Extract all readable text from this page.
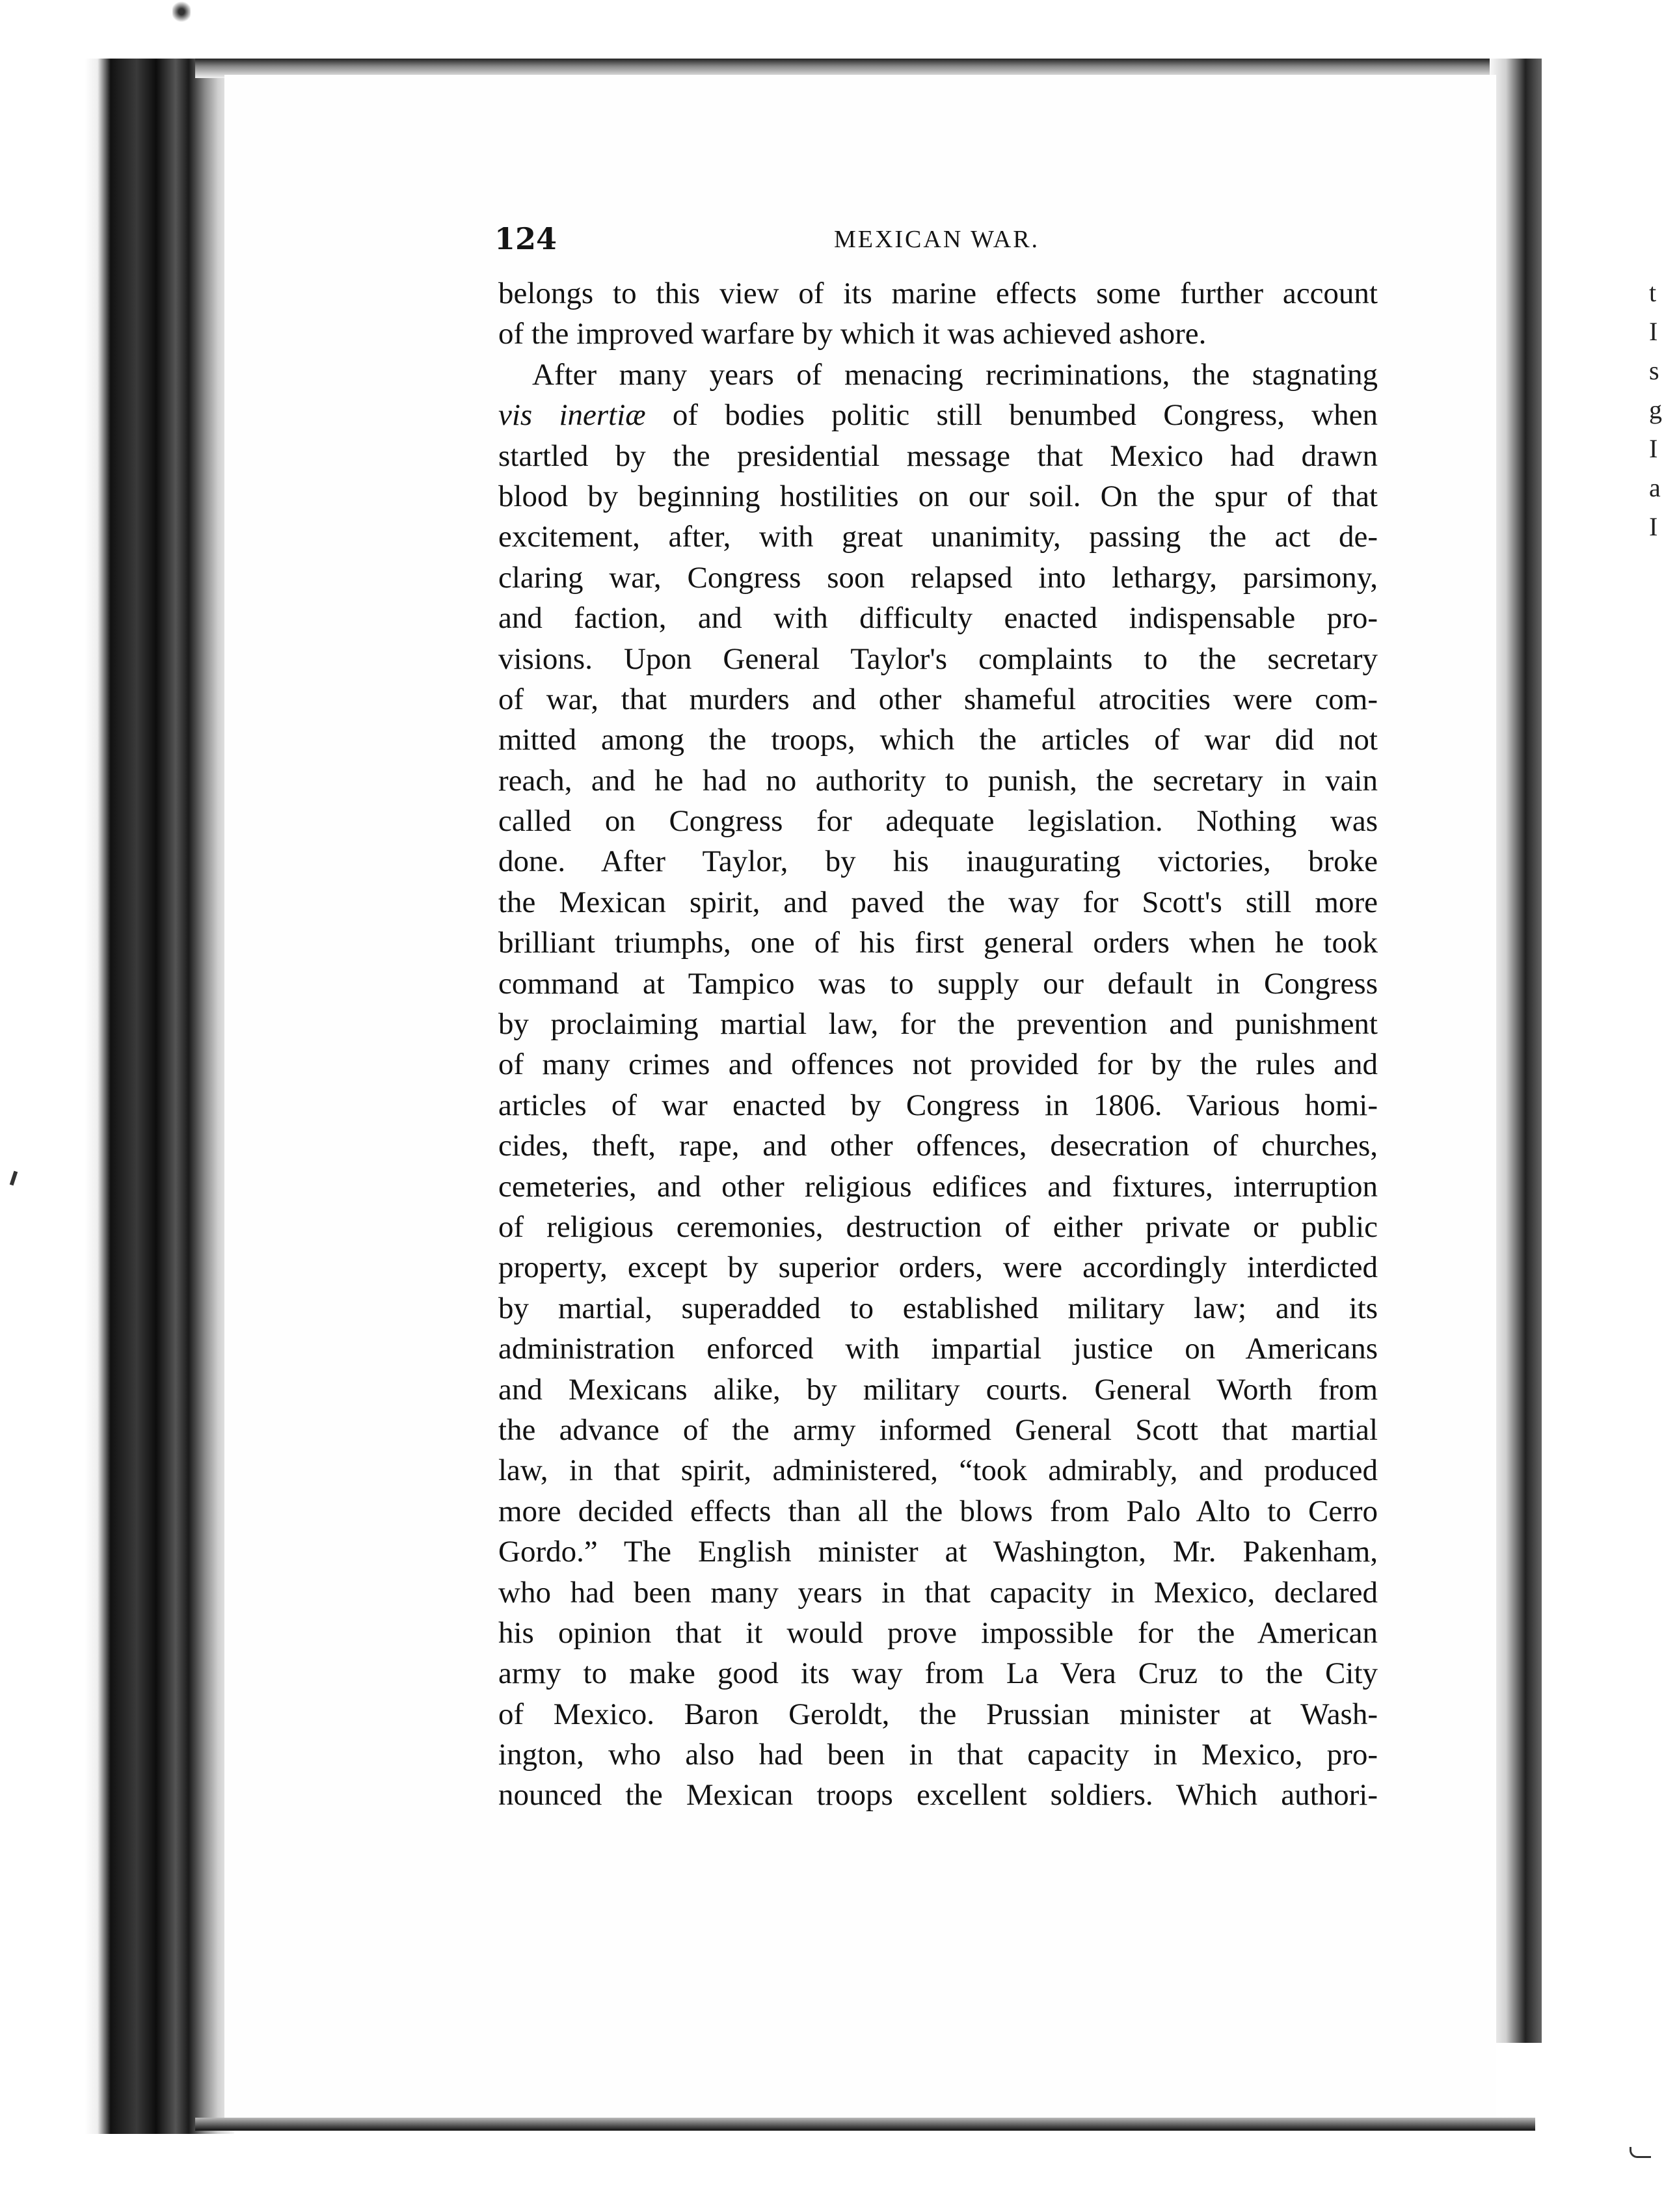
124	MEXICAN WAR.
belongs to this view of its marine effects some further account
of the improved warfare by which it was achieved ashore.
After many years of menacing recriminations, the stagnating
vis inertiæ of bodies politic still benumbed Congress, when
startled by the presidential message that Mexico had drawn
blood by beginning hostilities on our soil. On the spur of that
excitement, after, with great unanimity, passing the act de-
claring war, Congress soon relapsed into lethargy, parsimony,
and faction, and with difficulty enacted indispensable pro-
visions. Upon General Taylor's complaints to the secretary
of war, that murders and other shameful atrocities were com-
mitted among the troops, which the articles of war did not
reach, and he had no authority to punish, the secretary in vain
called on Congress for adequate legislation. Nothing was
done. After Taylor, by his inaugurating victories, broke
the Mexican spirit, and paved the way for Scott's still more
brilliant triumphs, one of his first general orders when he took
command at Tampico was to supply our default in Congress
by proclaiming martial law, for the prevention and punishment
of many crimes and offences not provided for by the rules and
articles of war enacted by Congress in 1806. Various homi-
cides, theft, rape, and other offences, desecration of churches,
cemeteries, and other religious edifices and fixtures, interruption
of religious ceremonies, destruction of either private or public
property, except by superior orders, were accordingly interdicted
by martial, superadded to established military law; and its
administration enforced with impartial justice on Americans
and Mexicans alike, by military courts. General Worth from
the advance of the army informed General Scott that martial
law, in that spirit, administered, “took admirably, and produced
more decided effects than all the blows from Palo Alto to Cerro
Gordo.” The English minister at Washington, Mr. Pakenham,
who had been many years in that capacity in Mexico, declared
his opinion that it would prove impossible for the American
army to make good its way from La Vera Cruz to the City
of Mexico. Baron Geroldt, the Prussian minister at Wash-
ington, who also had been in that capacity in Mexico, pro-
nounced the Mexican troops excellent soldiers. Which authori-
t
I
s
g
I
a
I
